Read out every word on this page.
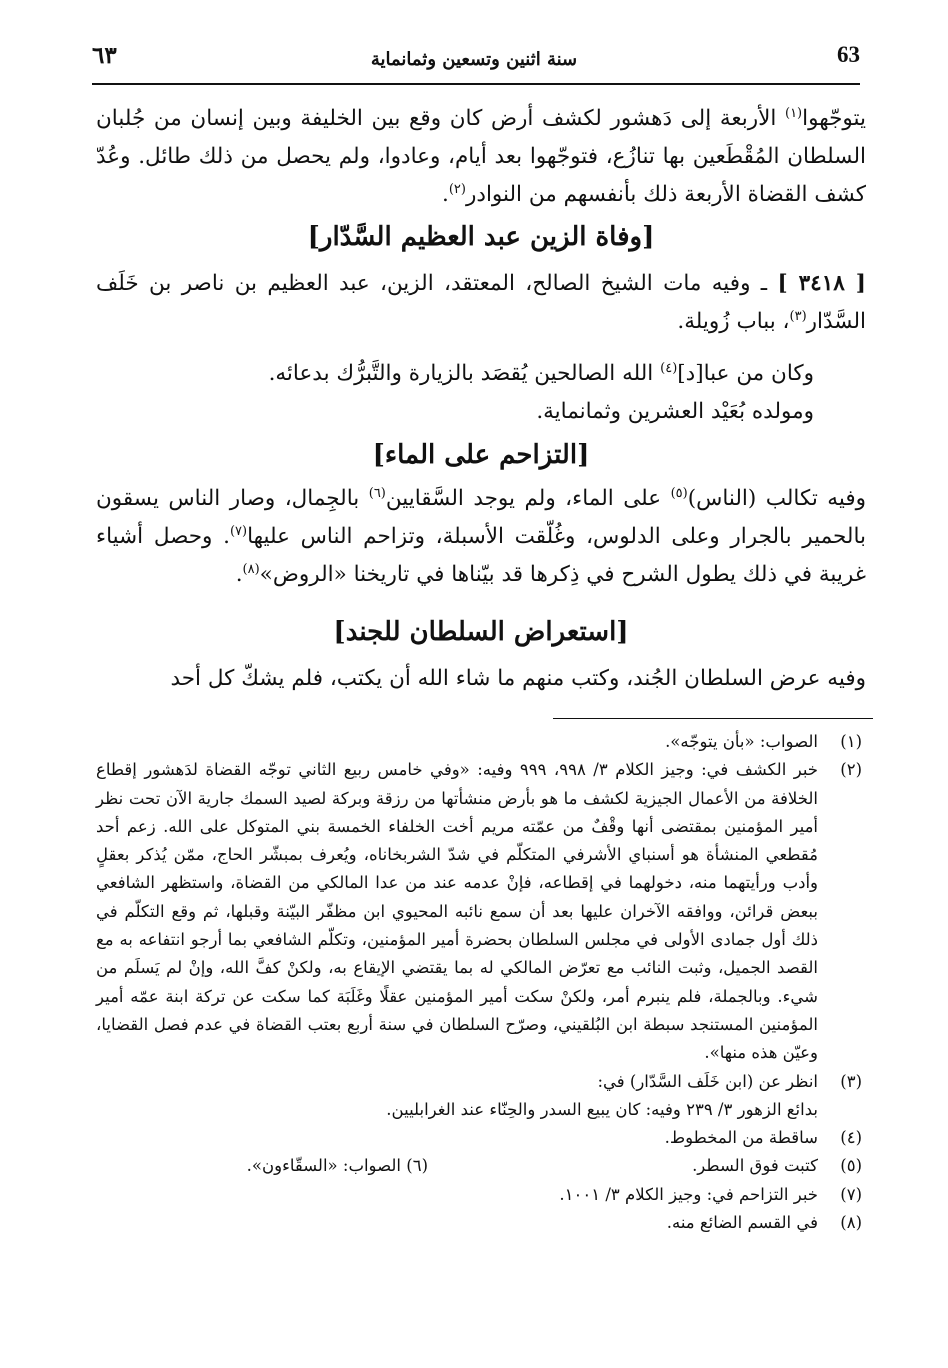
63
سنة اثنين وتسعين وثمانماية
٦٣

يتوجّهوا$^{(١)}$ الأربعة إلى دَهشور لكشف أرض كان وقع بين الخليفة وبين إنسان من جُلبان السلطان المُقْطَعين بها تنازُع، فتوجّهوا بعد أيام، وعادوا، ولم يحصل من ذلك طائل. وعُدّ كشف القضاة الأربعة ذلك بأنفسهم من النوادر$^{(٢)}$.

[وفاة الزين عبد العظيم السَّدّار]

[ ٣٤١٨ ] ـ وفيه مات الشيخ الصالح، المعتقد، الزين، عبد العظيم بن ناصر بن خَلَف السَّدّار$^{(٣)}$، بباب زُويلة.

وكان من عبا[د]$^{(٤)}$ الله الصالحين يُقصَد بالزيارة والتَّبرُّك بدعائه.

ومولده بُعَيْد العشرين وثمانماية.

[التزاحم على الماء]

وفيه تكالب (الناس)$^{(٥)}$ على الماء، ولم يوجد السَّقايين$^{(٦)}$ بالجِمال، وصار الناس يسقون بالحمير بالجرار وعلى الدلوس، وغُلّقت الأسبلة، وتزاحم الناس عليها$^{(٧)}$. وحصل أشياء غريبة في ذلك يطول الشرح في ذِكرها قد بيّناها في تاريخنا «الروض»$^{(٨)}$.

[استعراض السلطان للجند]
وفيه عرض السلطان الجُند، وكتب منهم ما شاء الله أن يكتب، فلم يشكّ كل أحد
(١)
الصواب: «بأن يتوجّه».
(٢)
خبر الكشف في: وجيز الكلام ٣/ ٩٩٨، ٩٩٩ وفيه: «وفي خامس ربيع الثاني توجّه القضاة لدَهشور إقطاع الخلافة من الأعمال الجيزية لكشف ما هو بأرض منشأتها من رزقة وبركة لصيد السمك جارية الآن تحت نظر أمير المؤمنين بمقتضى أنها وقْفٌ من عمّته مريم أخت الخلفاء الخمسة بني المتوكل على الله. زعم أحد مُقطعي المنشأة هو أسنباي الأشرفي المتكلّم في شدّ الشربخاناه، ويُعرف بمبشّر الحاج، ممّن يُذكر بعقلٍ وأدب ورأيتهما منه، دخولهما في إقطاعه، فإنْ عدمه عند من عدا المالكي من القضاة، واستظهر الشافعي ببعض قرائن، ووافقه الآخران عليها بعد أن سمع نائبه المحيوي ابن مظفّر البيّنة وقبلها، ثم وقع التكلّم في ذلك أول جمادى الأولى في مجلس السلطان بحضرة أمير المؤمنين، وتكلّم الشافعي بما أرجو انتفاعه به مع القصد الجميل، وثبت النائب مع تعرّض المالكي له بما يقتضي الإيقاع به، ولكنْ كفَّ الله، وإنْ لم يَسلَم من شيء. وبالجملة، فلم ينبرم أمر، ولكنْ سكت أمير المؤمنين عقلًا وغَلَبَة كما سكت عن تركة ابنة عمّه أمير المؤمنين المستنجد سبطة ابن البُلقيني، وصرّح السلطان في سنة أربع بعتب القضاة في عدم فصل القضايا، وعيّن هذه منها».
(٣)
انظر عن (ابن خَلَف السَّدّار) في:
بدائع الزهور ٣/ ٢٣٩ وفيه: كان يبيع السدر والحِنّاء عند الغرابليين.
(٤)
ساقطة من المخطوط.
(٥)
كتبت فوق السطر.
(٦) الصواب: «السقّاءون».
(٧)
خبر التزاحم في: وجيز الكلام ٣/ ١٠٠١.
(٨)
في القسم الضائع منه.
